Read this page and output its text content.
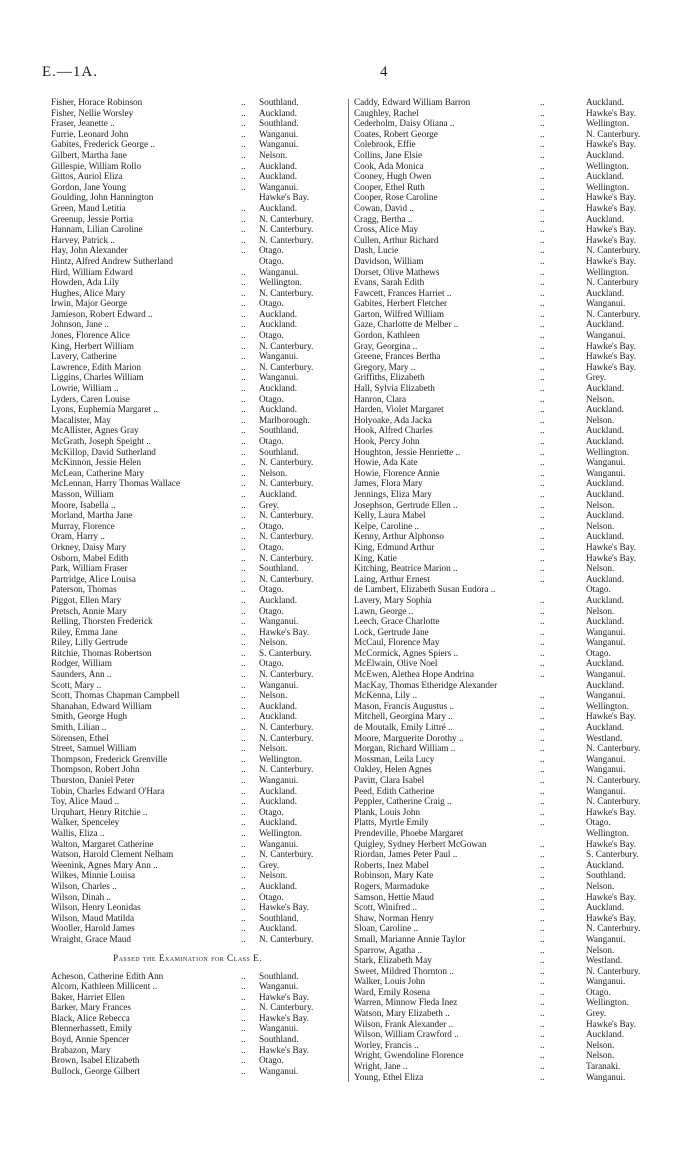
E.—1A.	4
Fisher, Horace Robinson	..	Southland.
Fisher, Nellie Worsley	..	Auckland.
Fraser, Jeanette ..	..	Southland.
Furrie, Leonard John	..	Wanganui.
Gabites, Frederick George ..	..	Wanganui.
Gilbert, Martha Jane	..	Nelson.
Gillespie, William Rollo	..	Auckland.
Gittos, Auriol Eliza	..	Auckland.
Gordon, Jane Young	..	Wanganui.
Goulding, John Hannington	Hawke's Bay.
Green, Maud Letitia	..	Auckland.
Greenup, Jessie Portia	..	N. Canterbury.
Hannam, Lilian Caroline	..	N. Canterbury.
Harvey, Patrick ..	..	N. Canterbury.
Hay, John Alexander	..	Otago.
Hintz, Alfred Andrew Sutherland	Otago.
Hird, William Edward	..	Wanganui.
Howden, Ada Lily	..	Wellington.
Hughes, Alice Mary	..	N. Canterbury.
Irwin, Major George	..	Otago.
Jamieson, Robert Edward ..	..	Auckland.
Johnson, Jane ..	..	Auckland.
Jones, Florence Alice	..	Otago.
King, Herbert William	..	N. Canterbury.
Lavery, Catherine	..	Wanganui.
Lawrence, Edith Marion	..	N. Canterbury.
Liggins, Charles William	..	Wanganui.
Lowrie, William ..	..	Auckland.
Lyders, Caren Louise	..	Otago.
Lyons, Euphemia Margaret ..	..	Auckland.
Macalister, May	..	Marlborough.
McAllister, Agnes Gray	..	Southland.
McGrath, Joseph Speight ..	..	Otago.
McKillop, David Sutherland	..	Southland.
McKinnon, Jessie Helen	..	N. Canterbury.
McLean, Catherine Mary	..	Nelson.
McLennan, Harry Thomas Wallace	..	N. Canterbury.
Masson, William	..	Auckland.
Moore, Isabella ..	..	Grey.
Morland, Martha Jane	..	N. Canterbury.
Murray, Florence	..	Otago.
Oram, Harry ..	..	N. Canterbury.
Orkney, Daisy Mary	..	Otago.
Osborn, Mabel Edith	..	N. Canterbury.
Park, William Fraser	..	Southland.
Partridge, Alice Louisa	..	N. Canterbury.
Paterson, Thomas	..	Otago.
Piggot, Ellen Mary	..	Auckland.
Pretsch, Annie Mary	..	Otago.
Relling, Thorsten Frederick	..	Wanganui.
Riley, Emma Jane	..	Hawke's Bay.
Riley, Lilly Gertrude	..	Nelson.
Ritchie, Thomas Robertson	..	S. Canterbury.
Rodger, William	..	Otago.
Saunders, Ann ..	..	N. Canterbury.
Scott, Mary ..	..	Wanganui.
Scott, Thomas Chapman Campbell	..	Nelson.
Shanahan, Edward William	..	Auckland.
Smith, George Hugh	..	Auckland.
Smith, Lilian ..	..	N. Canterbury.
Sörensen, Ethel	..	N. Canterbury.
Street, Samuel William	..	Nelson.
Thompson, Frederick Grenville	..	Wellington.
Thompson, Robert John	..	N. Canterbury.
Thurston, Daniel Peter	..	Wanganui.
Tobin, Charles Edward O'Hara	..	Auckland.
Toy, Alice Maud ..	..	Auckland.
Urquhart, Henry Ritchie ..	..	Otago.
Walker, Spenceley	..	Auckland.
Wallis, Eliza ..	..	Wellington.
Walton, Margaret Catherine	..	Wanganui.
Watson, Harold Clement Nelham	..	N. Canterbury.
Weenink, Agnes Mary Ann ..	..	Grey.
Wilkes, Minnie Louisa	..	Nelson.
Wilson, Charles ..	..	Auckland.
Wilson, Dinah ..	..	Otago.
Wilson, Henry Leonidas	..	Hawke's Bay.
Wilson, Maud Matilda	..	Southland.
Wooller, Harold James	..	Auckland.
Wraight, Grace Maud	..	N. Canterbury.
Passed the Examination for Class E.
Acheson, Catherine Edith Ann	..	Southland.
Alcorn, Kathleen Millicent ..	..	Wanganui.
Baker, Harriet Ellen	..	Hawke's Bay.
Barker, Mary Frances	..	N. Canterbury.
Black, Alice Rebecca	..	Hawke's Bay.
Blennerhassett, Emily	..	Wanganui.
Boyd, Annie Spencer	..	Southland.
Brabazon, Mary	..	Hawke's Bay.
Brown, Isabel Elizabeth	..	Otago.
Bullock, George Gilbert	..	Wanganui.
Caddy, Edward William Barron	..	Auckland.
Caughley, Rachel	..	Hawke's Bay.
Cederholm, Daisy Oliana ..	..	Wellington.
Coates, Robert George	..	N. Canterbury.
Colebrook, Effie	..	Hawke's Bay.
Collins, Jane Elsie	..	Auckland.
Cook, Ada Monica	..	Wellington.
Cooney, Hugh Owen	..	Auckland.
Cooper, Ethel Ruth	..	Wellington.
Cooper, Rose Caroline	..	Hawke's Bay.
Cowan, David ..	..	Hawke's Bay.
Cragg, Bertha ..	..	Auckland.
Cross, Alice May	..	Hawke's Bay.
Cullen, Arthur Richard	..	Hawke's Bay.
Dash, Lucie	..	N. Canterbury.
Davidson, William	..	Hawke's Bay.
Dorset, Olive Mathews	..	Wellington.
Evans, Sarah Edith	..	N. Canterbury
Fawcett, Frances Harriet ..	..	Auckland.
Gabites, Herbert Fletcher	..	Wanganui.
Garton, Wilfred William	..	N. Canterbury.
Gaze, Charlotte de Melber ..	..	Auckland.
Gordon, Kathleen	..	Wanganui.
Gray, Georgina ..	..	Hawke's Bay.
Greene, Frances Bertha	..	Hawke's Bay.
Gregory, Mary ..	..	Hawke's Bay.
Griffiths, Elizabeth	..	Grey.
Hall, Sylvia Elizabeth	..	Auckland.
Hanron, Clara	..	Nelson.
Harden, Violet Margaret	..	Auckland.
Holyoake, Ada Jacka	..	Nelson.
Hook, Alfred Charles	..	Auckland.
Hook, Percy John	..	Auckland.
Houghton, Jessie Henriette ..	..	Wellington.
Howie, Ada Kate	..	Wanganui.
Howie, Florence Annie	..	Wanganui.
James, Flora Mary	..	Auckland.
Jennings, Eliza Mary	..	Auckland.
Josephson, Gertrude Ellen ..	..	Nelson.
Kelly, Laura Mabel	..	Auckland.
Kelpe, Caroline ..	..	Nelson.
Kenny, Arthur Alphonso	..	Auckland.
King, Edmund Arthur	..	Hawke's Bay.
King, Katie	..	Hawke's Bay.
Kitching, Beatrice Marion ..	..	Nelson.
Laing, Arthur Ernest	..	Auckland.
de Lambert, Elizabeth Susan Eudora ..	Otago.
Lavery, Mary Sophia	..	Auckland.
Lawn, George ..	..	Nelson.
Leech, Grace Charlotte	..	Auckland.
Lock, Gertrude Jane	..	Wanganui.
McCaul, Florence May	..	Wanganui.
McCormick, Agnes Spiers ..	..	Otago.
McElwain, Olive Noel	..	Auckland.
McEwen, Alethea Hope Andrina	..	Wanganui.
MacKay, Thomas Etheridge Alexander	Auckland.
McKenna, Lily ..	..	Wanganui.
Mason, Francis Augustus ..	..	Wellington.
Mitchell, Georgina Mary ..	..	Hawke's Bay.
de Moutalk, Emily Littré ..	..	Auckland.
Moore, Marguerite Dorothy ..	..	Westland.
Morgan, Richard William ..	..	N. Canterbury.
Mossman, Leila Lucy	..	Wanganui.
Oakley, Helen Agnes	..	Wanganui.
Pavitt, Clara Isabel	..	N. Canterbury.
Peed, Edith Catherine	..	Wanganui.
Peppler, Catherine Craig ..	..	N. Canterbury.
Plank, Louis John	..	Hawke's Bay.
Platts, Myrtle Emily	..	Otago.
Prendeville, Phoebe Margaret	Wellington.
Quigley, Sydney Herbert McGowan	..	Hawke's Bay.
Riordan, James Peter Paul ..	..	S. Canterbury.
Roberts, Inez Mabel	..	Auckland.
Robinson, Mary Kate	..	Southland.
Rogers, Marmaduke	..	Nelson.
Samson, Hettie Maud	..	Hawke's Bay.
Scott, Winifred ..	..	Auckland.
Shaw, Norman Henry	..	Hawke's Bay.
Sloan, Caroline ..	..	N. Canterbury.
Small, Marianne Annie Taylor	..	Wanganui.
Sparrow, Agatha ..	..	Nelson.
Stark, Elizabeth May	..	Westland.
Sweet, Mildred Thornton ..	..	N. Canterbury.
Walker, Louis John	..	Wanganui.
Ward, Emily Rosena	..	Otago.
Warren, Minnow Fleda Inez	..	Wellington.
Watson, Mary Elizabeth ..	..	Grey.
Wilson, Frank Alexander ..	..	Hawke's Bay.
Wilson, William Crawford ..	..	Auckland.
Worley, Francis ..	..	Nelson.
Wright, Gwendoline Florence	..	Nelson.
Wright, Jane ..	..	Taranaki.
Young, Ethel Eliza	..	Wanganui.
